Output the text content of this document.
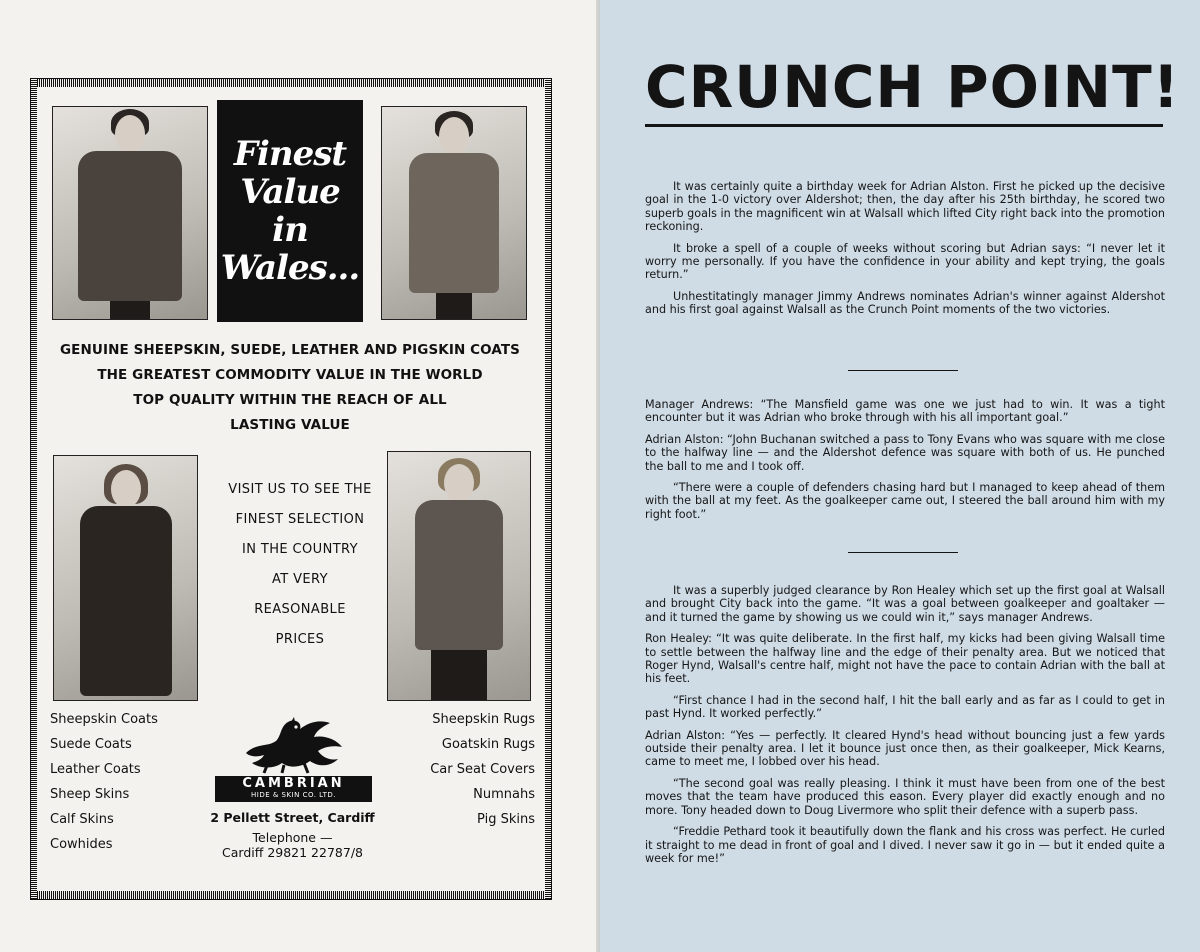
Finest
Value
in
Wales...
GENUINE SHEEPSKIN, SUEDE, LEATHER AND PIGSKIN COATS
THE GREATEST COMMODITY VALUE IN THE WORLD
TOP QUALITY WITHIN THE REACH OF ALL
LASTING VALUE
VISIT US TO SEE THE
FINEST SELECTION
IN THE COUNTRY
AT VERY
REASONABLE
PRICES
Sheepskin Coats
Suede Coats
Leather Coats
Sheep Skins
Calf Skins
Cowhides
Sheepskin Rugs
Goatskin Rugs
Car Seat Covers
Numnahs
Pig Skins
CAMBRIAN
HIDE & SKIN CO. LTD.
2 Pellett Street, Cardiff
Telephone —
Cardiff 29821 22787/8
CRUNCH POINT!

It was certainly quite a birthday week for Adrian Alston. First he picked up the decisive goal in the 1-0 victory over Aldershot; then, the day after his 25th birthday, he scored two superb goals in the magnificent win at Walsall which lifted City right back into the promotion reckoning.

It broke a spell of a couple of weeks without scoring but Adrian says: “I never let it worry me personally. If you have the confidence in your ability and kept trying, the goals return.”

Unhestitatingly manager Jimmy Andrews nominates Adrian's winner against Aldershot and his first goal against Walsall as the Crunch Point moments of the two victories.

Manager Andrews: “The Mansfield game was one we just had to win. It was a tight encounter but it was Adrian who broke through with his all important goal.”

Adrian Alston: “John Buchanan switched a pass to Tony Evans who was square with me close to the halfway line — and the Aldershot defence was square with both of us. He punched the ball to me and I took off.

“There were a couple of defenders chasing hard but I managed to keep ahead of them with the ball at my feet. As the goalkeeper came out, I steered the ball around him with my right foot.”

It was a superbly judged clearance by Ron Healey which set up the first goal at Walsall and brought City back into the game. “It was a goal between goalkeeper and goaltaker — and it turned the game by showing us we could win it,” says manager Andrews.

Ron Healey: “It was quite deliberate. In the first half, my kicks had been giving Walsall time to settle between the halfway line and the edge of their penalty area. But we noticed that Roger Hynd, Walsall's centre half, might not have the pace to contain Adrian with the ball at his feet.

“First chance I had in the second half, I hit the ball early and as far as I could to get in past Hynd. It worked perfectly.”

Adrian Alston: “Yes — perfectly. It cleared Hynd's head without bouncing just a few yards outside their penalty area. I let it bounce just once then, as their goalkeeper, Mick Kearns, came to meet me, I lobbed over his head.

“The second goal was really pleasing. I think it must have been from one of the best moves that the team have produced this eason. Every player did exactly enough and no more. Tony headed down to Doug Livermore who split their defence with a superb pass.

“Freddie Pethard took it beautifully down the flank and his cross was perfect. He curled it straight to me dead in front of goal and I dived. I never saw it go in — but it ended quite a week for me!”
